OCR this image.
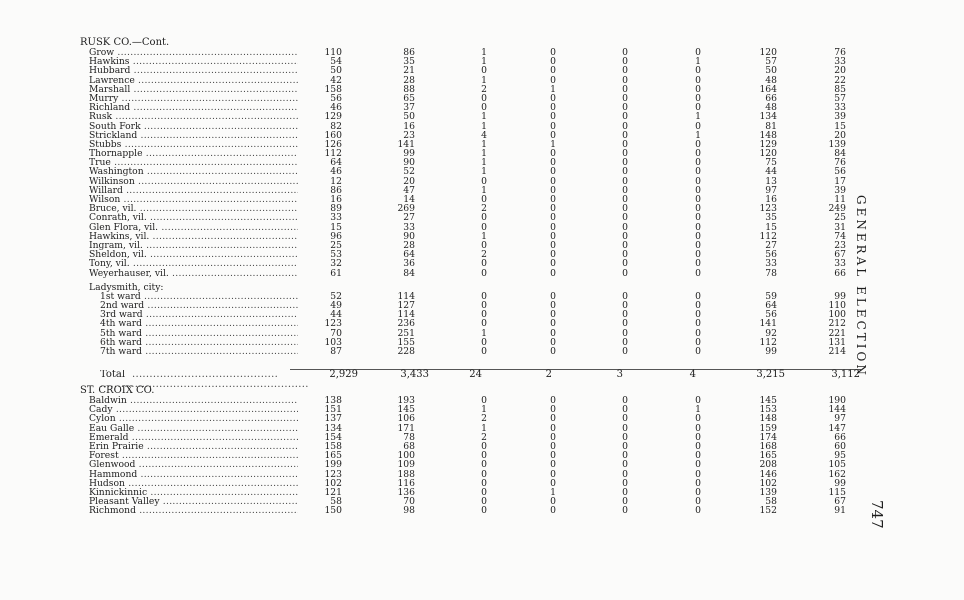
RUSK CO.—Cont.
Grow .....	110	86	1	0	0	0	120	76
Hawkins .....	54	35	1	0	0	1	57	33
Hubbard .....	50	21	0	0	0	0	50	20
Lawrence .....	42	28	1	0	0	0	48	22
Marshall .....	158	88	2	1	0	0	164	85
Murry .....	56	65	0	0	0	0	66	57
Richland .....	46	37	0	0	0	0	48	33
Rusk .....	129	50	1	0	0	1	134	39
South Fork .....	82	16	1	0	0	0	81	15
Strickland .....	160	23	4	0	0	1	148	20
Stubbs .....	126	141	1	1	0	0	129	139
Thornapple .....	112	99	1	0	0	0	120	84
True .....	64	90	1	0	0	0	75	76
Washington .....	46	52	1	0	0	0	44	56
Wilkinson .....	12	20	0	0	0	0	13	17
Willard .....	86	47	1	0	0	0	97	39
Wilson .....	16	14	0	0	0	0	16	11
Bruce, vil. .....	89	269	2	0	0	0	123	249
Conrath, vil. .....	33	27	0	0	0	0	35	25
Glen Flora, vil. .....	15	33	0	0	0	0	15	31
Hawkins, vil. .....	96	90	1	0	0	0	112	74
Ingram, vil. .....	25	28	0	0	0	0	27	23
Sheldon, vil. .....	53	64	2	0	0	0	56	67
Tony, vil. .....	32	36	0	0	0	0	33	33
Weyerhauser, vil. .....	61	84	0	0	0	0	78	66
Ladysmith, city:
1st ward .....	52	114	0	0	0	0	59	99
2nd ward .....	49	127	0	0	0	0	64	110
3rd ward .....	44	114	0	0	0	0	56	100
4th ward .....	123	236	0	0	0	0	141	212
5th ward .....	70	251	1	0	0	0	92	221
6th ward .....	103	155	0	0	0	0	112	131
7th ward .....	87	228	0	0	0	0	99	214
Total ..... ..........................................	2,929	3,433	24	2	3	4	3,215	3,112
ST. CROIX CO.
Baldwin .....	138	193	0	0	0	0	145	190
Cady .....	151	145	1	0	0	1	153	144
Cylon .....	137	106	2	0	0	0	148	97
Eau Galle .....	134	171	1	0	0	0	159	147
Emerald .....	154	78	2	0	0	0	174	66
Erin Prairie .....	158	68	0	0	0	0	168	60
Forest .....	165	100	0	0	0	0	165	95
Glenwood .....	199	109	0	0	0	0	208	105
Hammond .....	123	188	0	0	0	0	146	162
Hudson .....	102	116	0	0	0	0	102	99
Kinnickinnic .....	121	136	0	1	0	0	139	115
Pleasant Valley .....	58	70	0	0	0	0	58	67
Richmond .....	150	98	0	0	0	0	152	91
GENERAL ELECTION
747
